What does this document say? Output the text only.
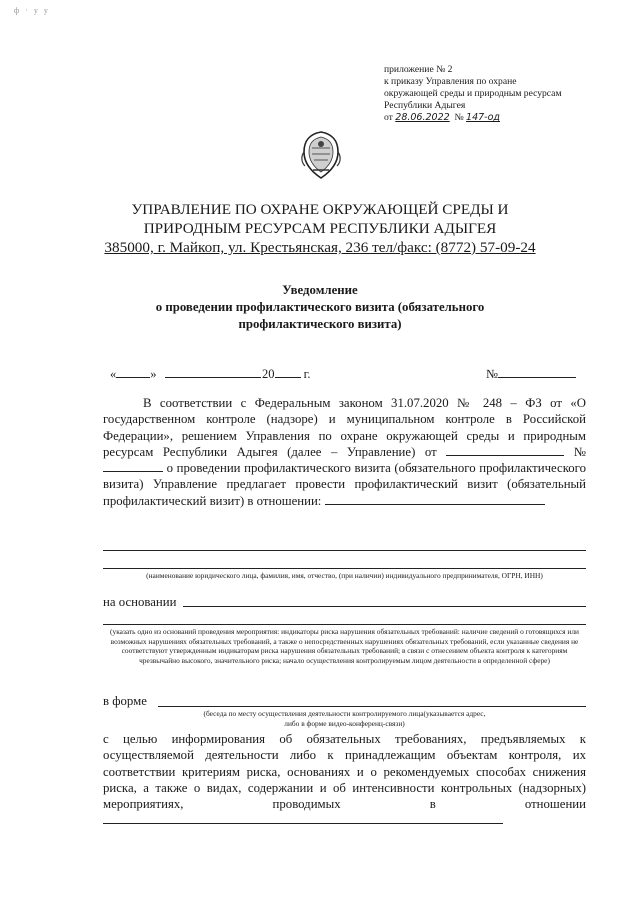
ф · у у
приложение № 2
к приказу Управления по охране
окружающей среды и природным ресурсам
Республики Адыгея
от 28.06.2022 № 147-од
УПРАВЛЕНИЕ ПО ОХРАНЕ ОКРУЖАЮЩЕЙ СРЕДЫ И
ПРИРОДНЫМ РЕСУРСАМ РЕСПУБЛИКИ АДЫГЕЯ
385000, г. Майкоп, ул. Крестьянская, 236 тел/факс: (8772) 57-09-24
Уведомление
о проведении профилактического визита (обязательного
профилактического визита)
«	»	20 г.	№
В соответствии с Федеральным законом 31.07.2020 № 248 – ФЗ от «О государственном контроле (надзоре) и муниципальном контроле в Российской Федерации», решением Управления по охране окружающей среды и природным ресурсам Республики Адыгея (далее – Управление) от	№  о проведении профилактического визита (обязательного профилактического визита) Управление предлагает провести профилактический визит (обязательный профилактический визит) в отношении:
(наименование юридического лица, фамилия, имя, отчество, (при наличии) индивидуального предпринимателя, ОГРН, ИНН)
на основании
(указать одно из оснований проведения мероприятия: индикаторы риска нарушения обязательных требований: наличие сведений о готовящихся или возможных нарушениях обязательных требований, а также о непосредственных нарушениях обязательных требований, если указанные сведения не соответствуют утвержденным индикаторам риска нарушения обязательных требований; в связи с отнесением объекта контроля к категориям чрезвычайно высокого, значительного риска; начало осуществления контролируемым лицом деятельности в определенной сфере)
в форме
(беседа по месту осуществления деятельности контролируемого лица(указывается адрес,
либо в форме видео-конференц-связи)
с целью информирования об обязательных требованиях, предъявляемых к осуществляемой деятельности либо к принадлежащим объектам контроля, их соответствии критериям риска, основаниях и о рекомендуемых способах снижения риска, а также о видах, содержании и об интенсивности контрольных (надзорных) мероприятиях, проводимых в	отношении
